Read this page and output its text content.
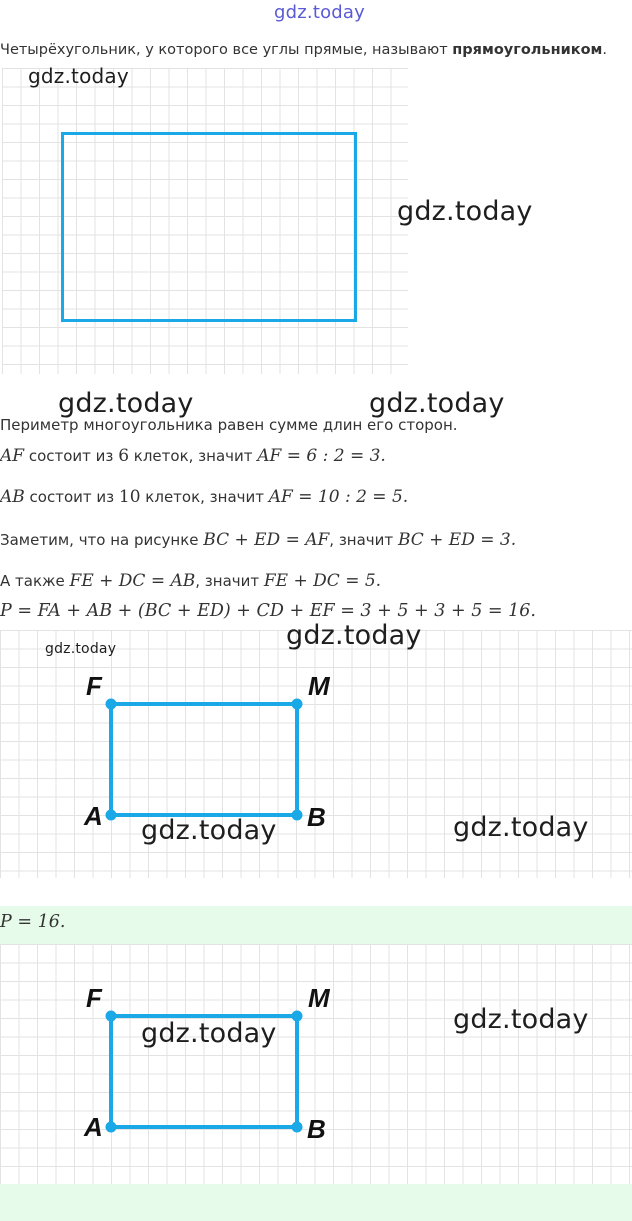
gdz.today
Четырёхугольник, у которого все углы прямые, называют прямоугольником.
gdz.today
gdz.today
gdz.today	gdz.today
Периметр многоугольника равен сумме длин его сторон.
AF состоит из 6 клеток, значит AF = 6 : 2 = 3.
AB состоит из 10 клеток, значит AF = 10 : 2 = 5.
Заметим, что на рисунке BC + ED = AF, значит BC + ED = 3.
А также FE + DC = AB, значит FE + DC = 5.
P = FA + AB + (BC + ED) + CD + EF = 3 + 5 + 3 + 5 = 16.
gdz.today	gdz.today
F	M
A	B
gdz.today	gdz.today
P = 16.
F	M
A	B
gdz.today	gdz.today
